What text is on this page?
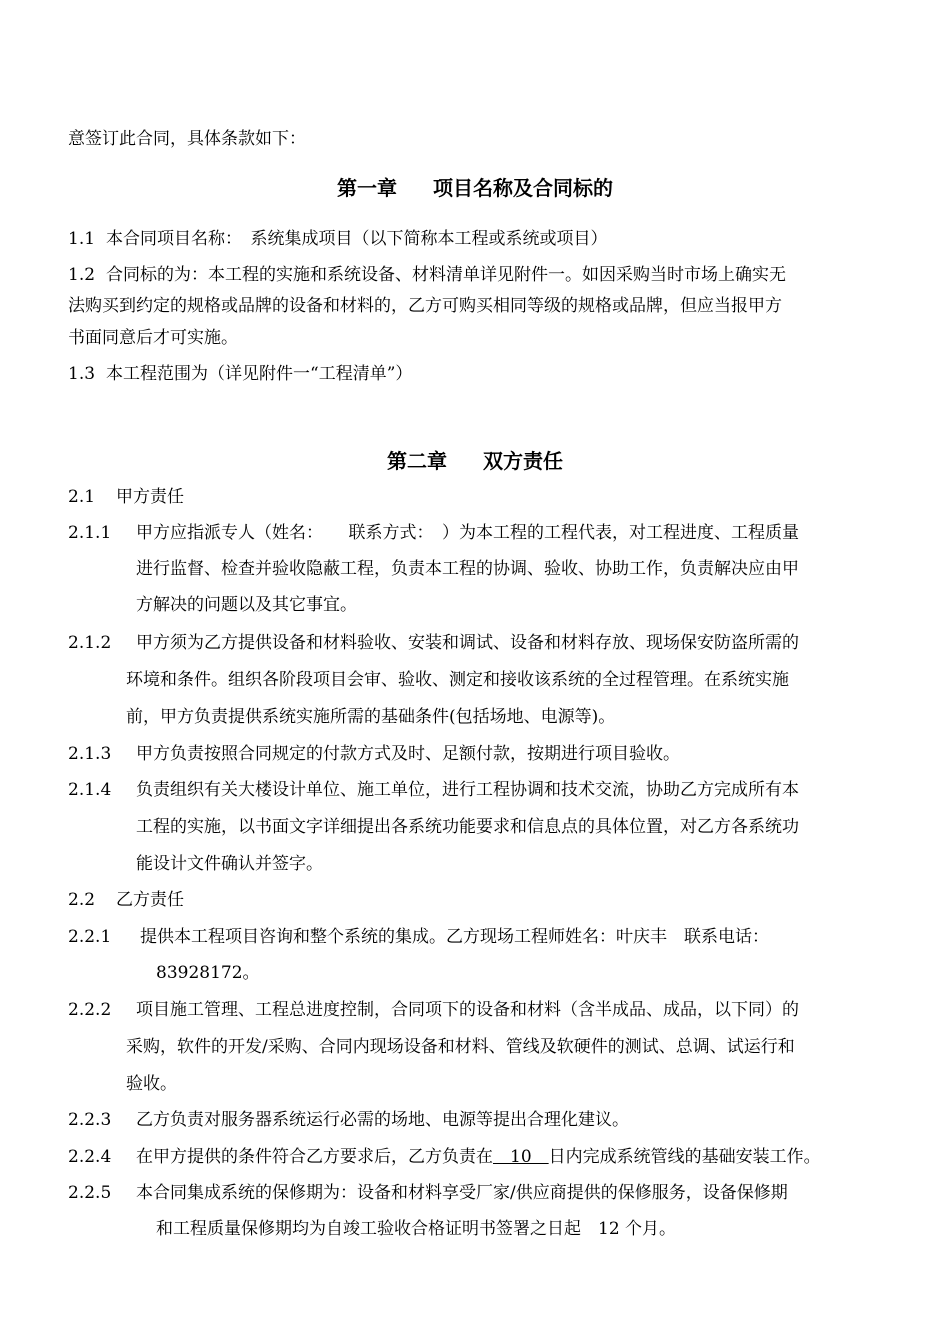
意签订此合同，具体条款如下：
第一章 项目名称及合同标的
1.1 本合同项目名称：　系统集成项目（以下简称本工程或系统或项目）
1.2 合同标的为：本工程的实施和系统设备、材料清单详见附件一。如因采购当时市场上确实无
法购买到约定的规格或品牌的设备和材料的，乙方可购买相同等级的规格或品牌，但应当报甲方
书面同意后才可实施。
1.3 本工程范围为（详见附件一“工程清单”）
第二章 双方责任
2.1 甲方责任
2.1.1 甲方应指派专人（姓名：　　联系方式：　）为本工程的工程代表，对工程进度、工程质量
进行监督、检查并验收隐蔽工程，负责本工程的协调、验收、协助工作，负责解决应由甲
方解决的问题以及其它事宜。
2.1.2 甲方须为乙方提供设备和材料验收、安装和调试、设备和材料存放、现场保安防盗所需的
环境和条件。组织各阶段项目会审、验收、测定和接收该系统的全过程管理。在系统实施
前，甲方负责提供系统实施所需的基础条件(包括场地、电源等)。
2.1.3 甲方负责按照合同规定的付款方式及时、足额付款，按期进行项目验收。
2.1.4 负责组织有关大楼设计单位、施工单位，进行工程协调和技术交流，协助乙方完成所有本
工程的实施，以书面文字详细提出各系统功能要求和信息点的具体位置，对乙方各系统功
能设计文件确认并签字。
2.2 乙方责任
2.2.1 提供本工程项目咨询和整个系统的集成。乙方现场工程师姓名：叶庆丰　联系电话：
83928172。
2.2.2 项目施工管理、工程总进度控制，合同项下的设备和材料（含半成品、成品，以下同）的
采购，软件的开发/采购、合同内现场设备和材料、管线及软硬件的测试、总调、试运行和
验收。
2.2.3 乙方负责对服务器系统运行必需的场地、电源等提出合理化建议。
2.2.4 在甲方提供的条件符合乙方要求后，乙方负责在　10　日内完成系统管线的基础安装工作。
2.2.5 本合同集成系统的保修期为：设备和材料享受厂家/供应商提供的保修服务，设备保修期
和工程质量保修期均为自竣工验收合格证明书签署之日起　12 个月。
